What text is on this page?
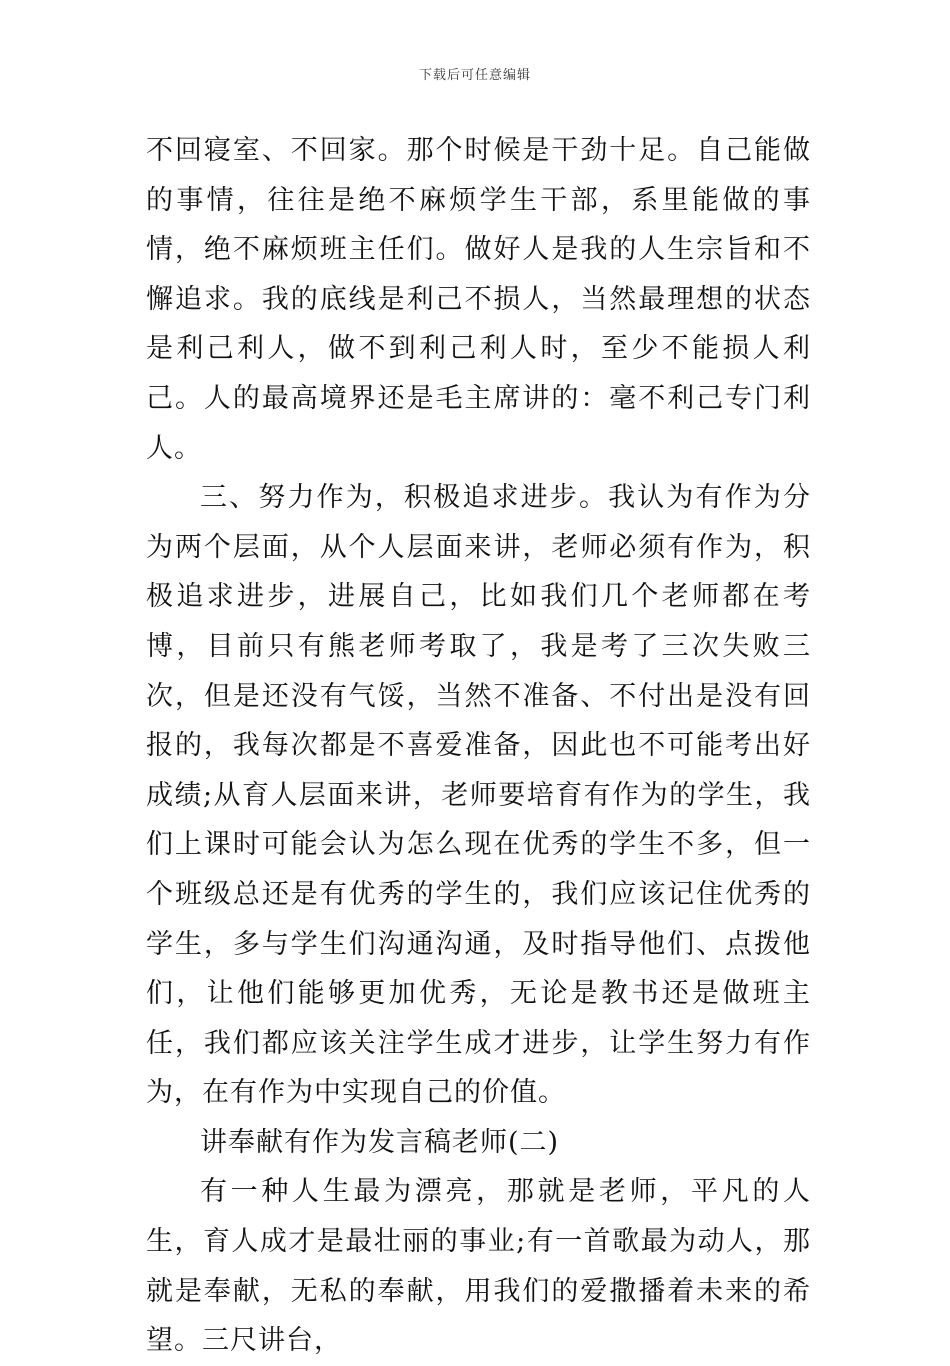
下载后可任意编辑

不回寝室、不回家。那个时候是干劲十足。自己能做的事情，往往是绝不麻烦学生干部，系里能做的事情，绝不麻烦班主任们。做好人是我的人生宗旨和不懈追求。我的底线是利己不损人，当然最理想的状态是利己利人，做不到利己利人时，至少不能损人利己。人的最高境界还是毛主席讲的：毫不利己专门利人。

三、努力作为，积极追求进步。我认为有作为分为两个层面，从个人层面来讲，老师必须有作为，积极追求进步，进展自己，比如我们几个老师都在考博，目前只有熊老师考取了，我是考了三次失败三次，但是还没有气馁，当然不准备、不付出是没有回报的，我每次都是不喜爱准备，因此也不可能考出好成绩;从育人层面来讲，老师要培育有作为的学生，我们上课时可能会认为怎么现在优秀的学生不多，但一个班级总还是有优秀的学生的，我们应该记住优秀的学生，多与学生们沟通沟通，及时指导他们、点拨他们，让他们能够更加优秀，无论是教书还是做班主任，我们都应该关注学生成才进步，让学生努力有作为，在有作为中实现自己的价值。

讲奉献有作为发言稿老师(二)

有一种人生最为漂亮，那就是老师，平凡的人生，育人成才是最壮丽的事业;有一首歌最为动人，那就是奉献，无私的奉献，用我们的爱撒播着未来的希望。三尺讲台，
